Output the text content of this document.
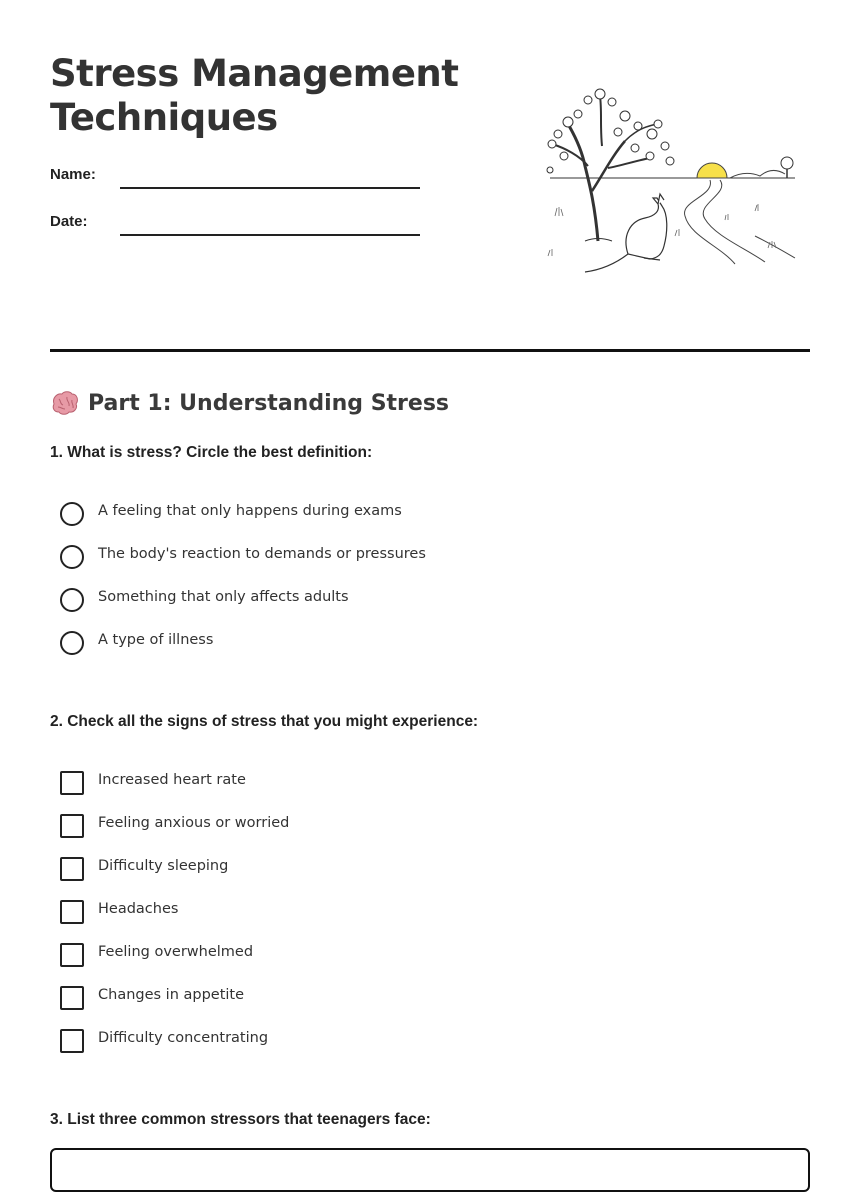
Stress Management Techniques
Name:
Date:
Part 1: Understanding Stress
1. What is stress? Circle the best definition:
A feeling that only happens during exams
The body's reaction to demands or pressures
Something that only affects adults
A type of illness
2. Check all the signs of stress that you might experience:
Increased heart rate
Feeling anxious or worried
Difficulty sleeping
Headaches
Feeling overwhelmed
Changes in appetite
Difficulty concentrating
3. List three common stressors that teenagers face:
